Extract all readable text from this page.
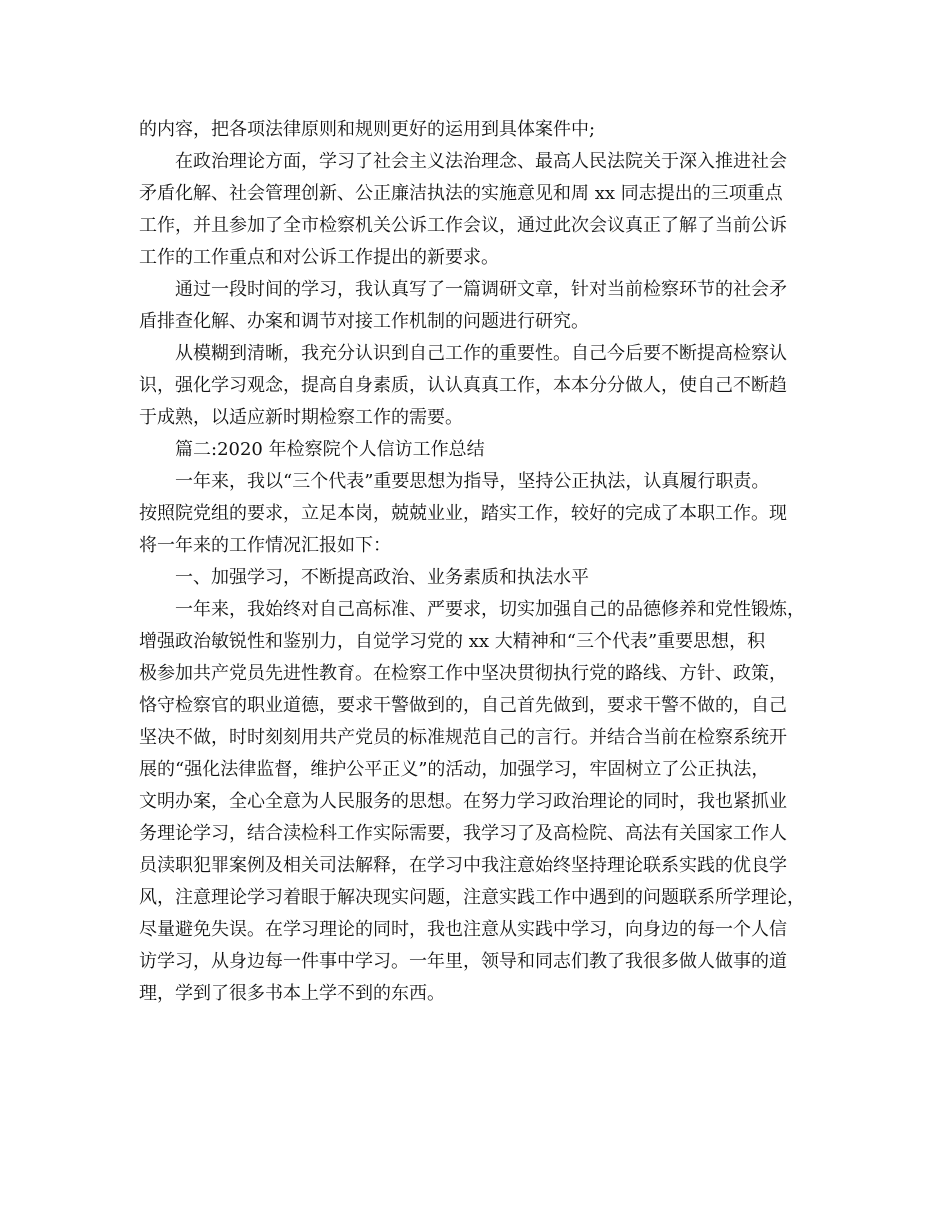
的内容，把各项法律原则和规则更好的运用到具体案件中;
在政治理论方面，学习了社会主义法治理念、最高人民法院关于深入推进社会
矛盾化解、社会管理创新、公正廉洁执法的实施意见和周 xx 同志提出的三项重点
工作，并且参加了全市检察机关公诉工作会议，通过此次会议真正了解了当前公诉
工作的工作重点和对公诉工作提出的新要求。
通过一段时间的学习，我认真写了一篇调研文章，针对当前检察环节的社会矛
盾排查化解、办案和调节对接工作机制的问题进行研究。
从模糊到清晰，我充分认识到自己工作的重要性。自己今后要不断提高检察认
识，强化学习观念，提高自身素质，认认真真工作，本本分分做人，使自己不断趋
于成熟，以适应新时期检察工作的需要。
篇二:2020 年检察院个人信访工作总结
一年来，我以“三个代表”重要思想为指导，坚持公正执法，认真履行职责。
按照院党组的要求，立足本岗，兢兢业业，踏实工作，较好的完成了本职工作。现
将一年来的工作情况汇报如下：
一、加强学习，不断提高政治、业务素质和执法水平
一年来，我始终对自己高标准、严要求，切实加强自己的品德修养和党性锻炼，
增强政治敏锐性和鉴别力，自觉学习党的 xx 大精神和“三个代表”重要思想，积
极参加共产党员先进性教育。在检察工作中坚决贯彻执行党的路线、方针、政策，
恪守检察官的职业道德，要求干警做到的，自己首先做到，要求干警不做的，自己
坚决不做，时时刻刻用共产党员的标准规范自己的言行。并结合当前在检察系统开
展的“强化法律监督，维护公平正义”的活动，加强学习，牢固树立了公正执法，
文明办案，全心全意为人民服务的思想。在努力学习政治理论的同时，我也紧抓业
务理论学习，结合渎检科工作实际需要，我学习了及高检院、高法有关国家工作人
员渎职犯罪案例及相关司法解释，在学习中我注意始终坚持理论联系实践的优良学
风，注意理论学习着眼于解决现实问题，注意实践工作中遇到的问题联系所学理论，
尽量避免失误。在学习理论的同时，我也注意从实践中学习，向身边的每一个人信
访学习，从身边每一件事中学习。一年里，领导和同志们教了我很多做人做事的道
理，学到了很多书本上学不到的东西。
